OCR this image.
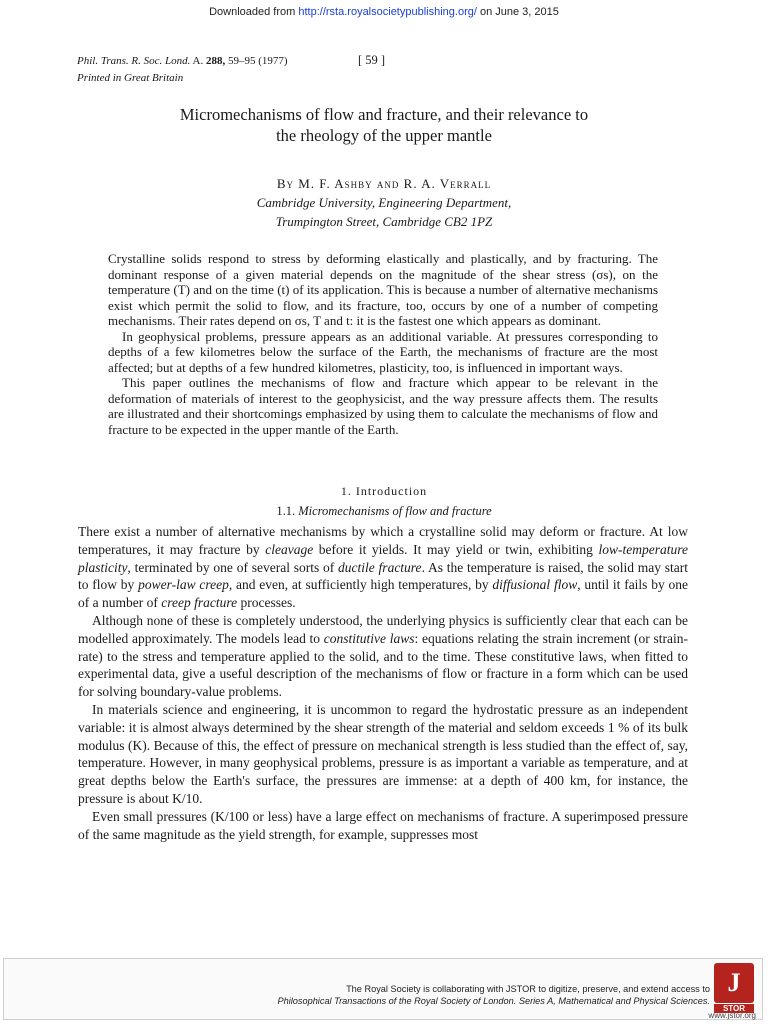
Downloaded from http://rsta.royalsocietypublishing.org/ on June 3, 2015
Phil. Trans. R. Soc. Lond. A. 288, 59–95 (1977)
Printed in Great Britain
[ 59 ]
Micromechanisms of flow and fracture, and their relevance to
the rheology of the upper mantle
By M. F. Ashby and R. A. Verrall
Cambridge University, Engineering Department,
Trumpington Street, Cambridge CB2 1PZ

Crystalline solids respond to stress by deforming elastically and plastically, and by fracturing. The dominant response of a given material depends on the magnitude of the shear stress (σs), on the temperature (T) and on the time (t) of its application. This is because a number of alternative mechanisms exist which permit the solid to flow, and its fracture, too, occurs by one of a number of competing mechanisms. Their rates depend on σs, T and t: it is the fastest one which appears as dominant.

In geophysical problems, pressure appears as an additional variable. At pressures corresponding to depths of a few kilometres below the surface of the Earth, the mechanisms of fracture are the most affected; but at depths of a few hundred kilometres, plasticity, too, is influenced in important ways.

This paper outlines the mechanisms of flow and fracture which appear to be relevant in the deformation of materials of interest to the geophysicist, and the way pressure affects them. The results are illustrated and their shortcomings emphasized by using them to calculate the mechanisms of flow and fracture to be expected in the upper mantle of the Earth.

1. Introduction
1.1. Micromechanisms of flow and fracture

There exist a number of alternative mechanisms by which a crystalline solid may deform or fracture. At low temperatures, it may fracture by cleavage before it yields. It may yield or twin, exhibiting low-temperature plasticity, terminated by one of several sorts of ductile fracture. As the temperature is raised, the solid may start to flow by power-law creep, and even, at sufficiently high temperatures, by diffusional flow, until it fails by one of a number of creep fracture processes.

Although none of these is completely understood, the underlying physics is sufficiently clear that each can be modelled approximately. The models lead to constitutive laws: equations relating the strain increment (or strain-rate) to the stress and temperature applied to the solid, and to the time. These constitutive laws, when fitted to experimental data, give a useful description of the mechanisms of flow or fracture in a form which can be used for solving boundary-value problems.

In materials science and engineering, it is uncommon to regard the hydrostatic pressure as an independent variable: it is almost always determined by the shear strength of the material and seldom exceeds 1 % of its bulk modulus (K). Because of this, the effect of pressure on mechanical strength is less studied than the effect of, say, temperature. However, in many geophysical problems, pressure is as important a variable as temperature, and at great depths below the Earth's surface, the pressures are immense: at a depth of 400 km, for instance, the pressure is about K/10.

Even small pressures (K/100 or less) have a large effect on mechanisms of fracture. A superimposed pressure of the same magnitude as the yield strength, for example, suppresses most

The Royal Society is collaborating with JSTOR to digitize, preserve, and extend access to
Philosophical Transactions of the Royal Society of London. Series A, Mathematical and Physical Sciences.
J
STOR
www.jstor.org
